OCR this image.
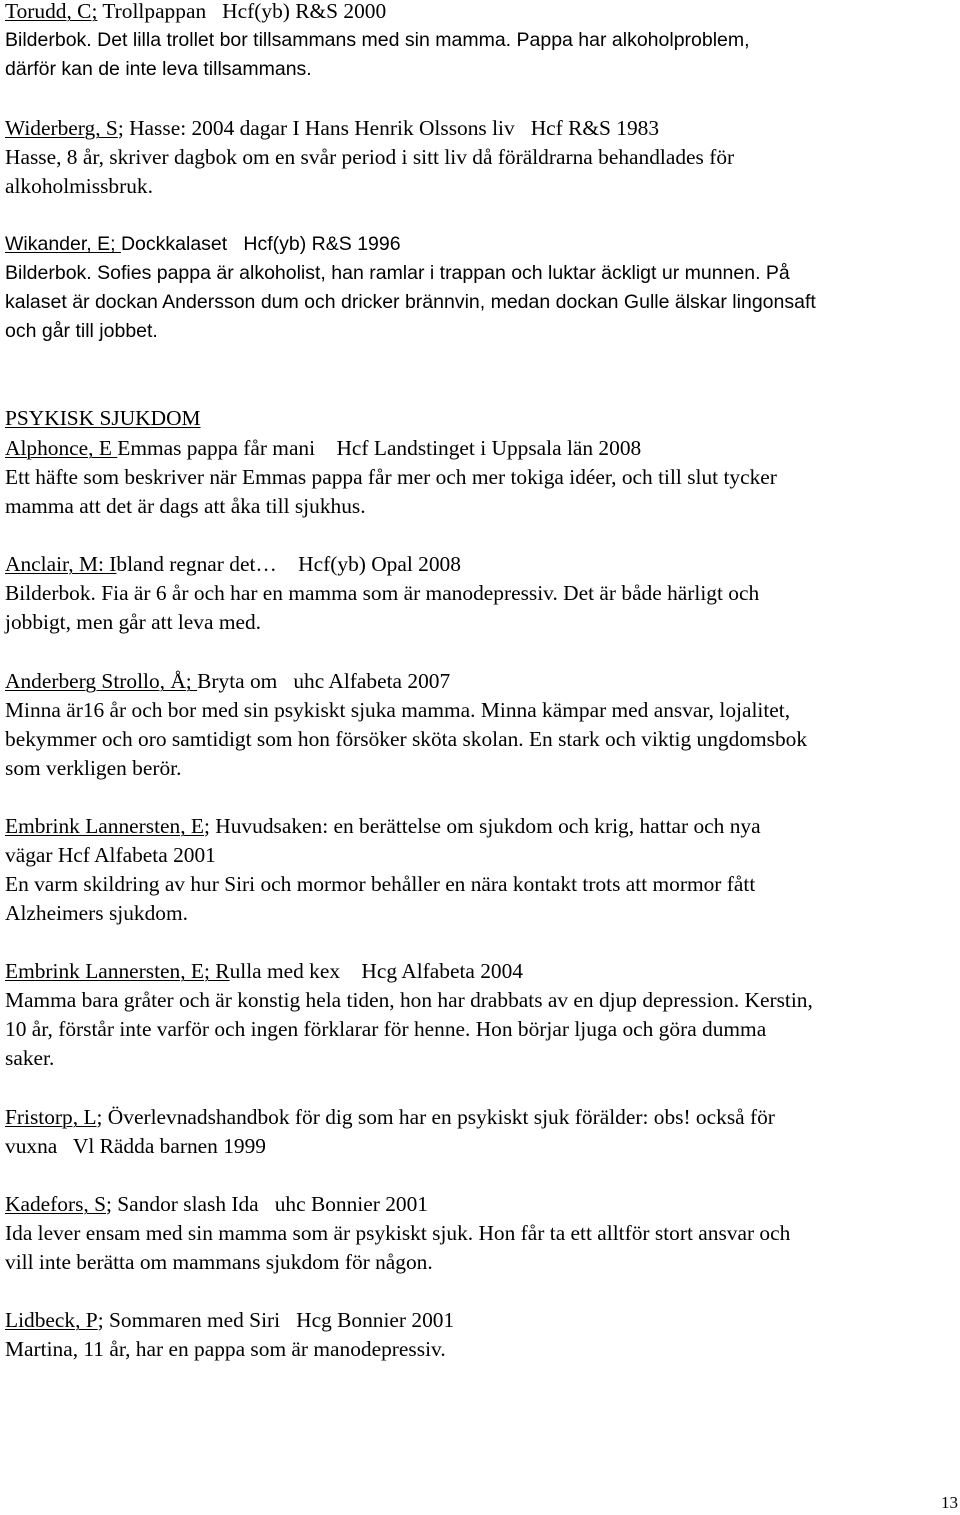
Torudd, C; Trollpappan   Hcf(yb) R&S 2000
Bilderbok. Det lilla trollet bor tillsammans med sin mamma. Pappa har alkoholproblem,
därför kan de inte leva tillsammans.
Widerberg, S; Hasse: 2004 dagar I Hans Henrik Olssons liv   Hcf R&S 1983
Hasse, 8 år, skriver dagbok om en svår period i sitt liv då föräldrarna behandlades för
alkoholmissbruk.
Wikander, E; Dockkalaset   Hcf(yb) R&S 1996
Bilderbok. Sofies pappa är alkoholist, han ramlar i trappan och luktar äckligt ur munnen. På
kalaset är dockan Andersson dum och dricker brännvin, medan dockan Gulle älskar lingonsaft
och går till jobbet.
PSYKISK SJUKDOM
Alphonce, E Emmas pappa får mani    Hcf Landstinget i Uppsala län 2008
Ett häfte som beskriver när Emmas pappa får mer och mer tokiga idéer, och till slut tycker
mamma att det är dags att åka till sjukhus.
Anclair, M: Ibland regnar det…    Hcf(yb) Opal 2008
Bilderbok. Fia är 6 år och har en mamma som är manodepressiv. Det är både härligt och
jobbigt, men går att leva med.
Anderberg Strollo, Å; Bryta om   uhc Alfabeta 2007
Minna är16 år och bor med sin psykiskt sjuka mamma. Minna kämpar med ansvar, lojalitet,
bekymmer och oro samtidigt som hon försöker sköta skolan. En stark och viktig ungdomsbok
som verkligen berör.
Embrink Lannersten, E; Huvudsaken: en berättelse om sjukdom och krig, hattar och nya
vägar Hcf Alfabeta 2001
En varm skildring av hur Siri och mormor behåller en nära kontakt trots att mormor fått
Alzheimers sjukdom.
Embrink Lannersten, E; Rulla med kex    Hcg Alfabeta 2004
Mamma bara gråter och är konstig hela tiden, hon har drabbats av en djup depression. Kerstin,
10 år, förstår inte varför och ingen förklarar för henne. Hon börjar ljuga och göra dumma
saker.
Fristorp, L; Överlevnadshandbok för dig som har en psykiskt sjuk förälder: obs! också för
vuxna   Vl Rädda barnen 1999
Kadefors, S; Sandor slash Ida   uhc Bonnier 2001
Ida lever ensam med sin mamma som är psykiskt sjuk. Hon får ta ett alltför stort ansvar och
vill inte berätta om mammans sjukdom för någon.
Lidbeck, P; Sommaren med Siri   Hcg Bonnier 2001
Martina, 11 år, har en pappa som är manodepressiv.
13
